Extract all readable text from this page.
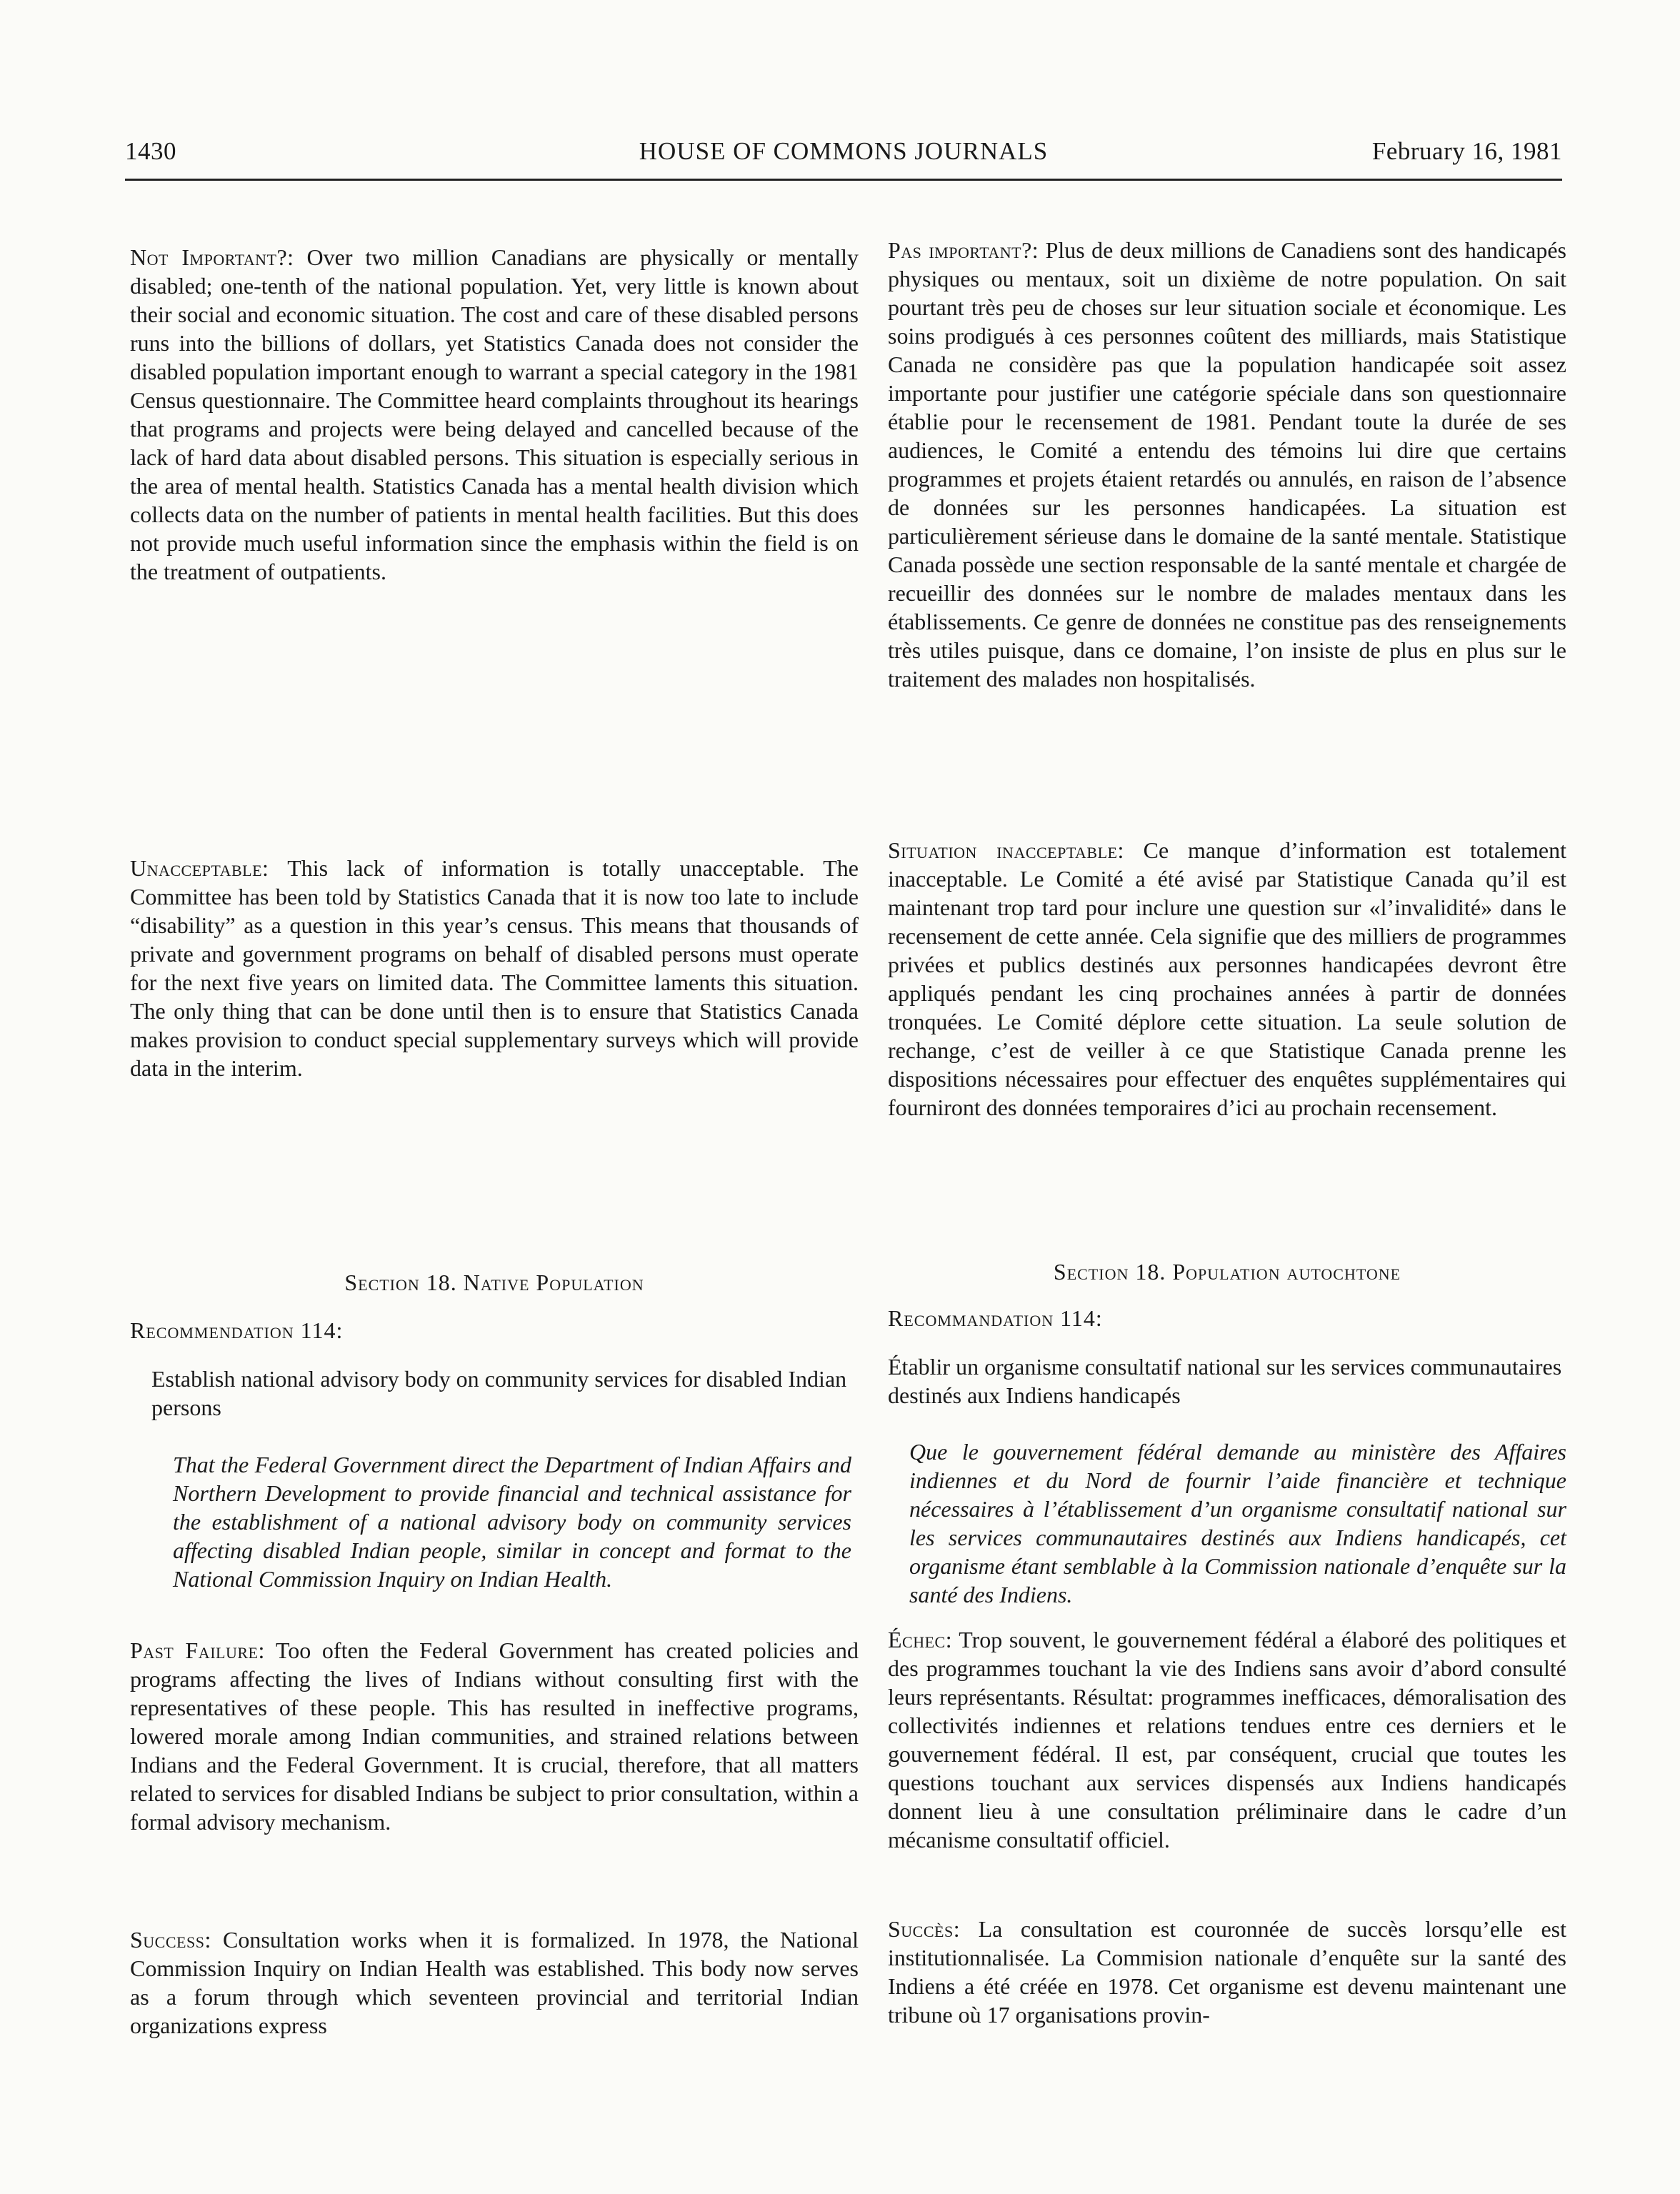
1430	HOUSE OF COMMONS JOURNALS	February 16, 1981

Not Important?: Over two million Canadians are physically or mentally disabled; one-tenth of the national population. Yet, very little is known about their social and economic situation. The cost and care of these disabled persons runs into the billions of dollars, yet Statistics Canada does not consider the disabled population important enough to warrant a special category in the 1981 Census questionnaire. The Committee heard complaints throughout its hearings that programs and projects were being delayed and cancelled because of the lack of hard data about disabled persons. This situation is especially serious in the area of mental health. Statistics Canada has a mental health division which collects data on the number of patients in mental health facilities. But this does not provide much useful information since the emphasis within the field is on the treatment of outpatients.

Unacceptable: This lack of information is totally unacceptable. The Committee has been told by Statistics Canada that it is now too late to include “disability” as a question in this year’s census. This means that thousands of private and government programs on behalf of disabled persons must operate for the next five years on limited data. The Committee laments this situation. The only thing that can be done until then is to ensure that Statistics Canada makes provision to conduct special supplementary surveys which will provide data in the interim.

Section 18. Native Population

Recommendation 114:

Establish national advisory body on community services for disabled Indian persons

That the Federal Government direct the Department of Indian Affairs and Northern Development to provide financial and technical assistance for the establishment of a national advisory body on community services affecting disabled Indian people, similar in concept and format to the National Commission Inquiry on Indian Health.

Past Failure: Too often the Federal Government has created policies and programs affecting the lives of Indians without consulting first with the representatives of these people. This has resulted in ineffective programs, lowered morale among Indian communities, and strained relations between Indians and the Federal Government. It is crucial, therefore, that all matters related to services for disabled Indians be subject to prior consultation, within a formal advisory mechanism.

Success: Consultation works when it is formalized. In 1978, the National Commission Inquiry on Indian Health was established. This body now serves as a forum through which seventeen provincial and territorial Indian organizations express

Pas important?: Plus de deux millions de Canadiens sont des handicapés physiques ou mentaux, soit un dixième de notre population. On sait pourtant très peu de choses sur leur situation sociale et économique. Les soins prodigués à ces personnes coûtent des milliards, mais Statistique Canada ne considère pas que la population handicapée soit assez importante pour justifier une catégorie spéciale dans son questionnaire établie pour le recensement de 1981. Pendant toute la durée de ses audiences, le Comité a entendu des témoins lui dire que certains programmes et projets étaient retardés ou annulés, en raison de l’absence de données sur les personnes handicapées. La situation est particulièrement sérieuse dans le domaine de la santé mentale. Statistique Canada possède une section responsable de la santé mentale et chargée de recueillir des données sur le nombre de malades mentaux dans les établissements. Ce genre de données ne constitue pas des renseignements très utiles puisque, dans ce domaine, l’on insiste de plus en plus sur le traitement des malades non hospitalisés.

Situation inacceptable: Ce manque d’information est totalement inacceptable. Le Comité a été avisé par Statistique Canada qu’il est maintenant trop tard pour inclure une question sur «l’invalidité» dans le recensement de cette année. Cela signifie que des milliers de programmes privées et publics destinés aux personnes handicapées devront être appliqués pendant les cinq prochaines années à partir de données tronquées. Le Comité déplore cette situation. La seule solution de rechange, c’est de veiller à ce que Statistique Canada prenne les dispositions nécessaires pour effectuer des enquêtes supplémentaires qui fourniront des données temporaires d’ici au prochain recensement.

Section 18. Population autochtone

Recommandation 114:

Établir un organisme consultatif national sur les services communautaires destinés aux Indiens handicapés

Que le gouvernement fédéral demande au ministère des Affaires indiennes et du Nord de fournir l’aide financière et technique nécessaires à l’établissement d’un organisme consultatif national sur les services communautaires destinés aux Indiens handicapés, cet organisme étant semblable à la Commission nationale d’enquête sur la santé des Indiens.

Échec: Trop souvent, le gouvernement fédéral a élaboré des politiques et des programmes touchant la vie des Indiens sans avoir d’abord consulté leurs représentants. Résultat: programmes inefficaces, démoralisation des collectivités indiennes et relations tendues entre ces derniers et le gouvernement fédéral. Il est, par conséquent, crucial que toutes les questions touchant aux services dispensés aux Indiens handicapés donnent lieu à une consultation préliminaire dans le cadre d’un mécanisme consultatif officiel.

Succès: La consultation est couronnée de succès lorsqu’elle est institutionnalisée. La Commision nationale d’enquête sur la santé des Indiens a été créée en 1978. Cet organisme est devenu maintenant une tribune où 17 organisations provin-
